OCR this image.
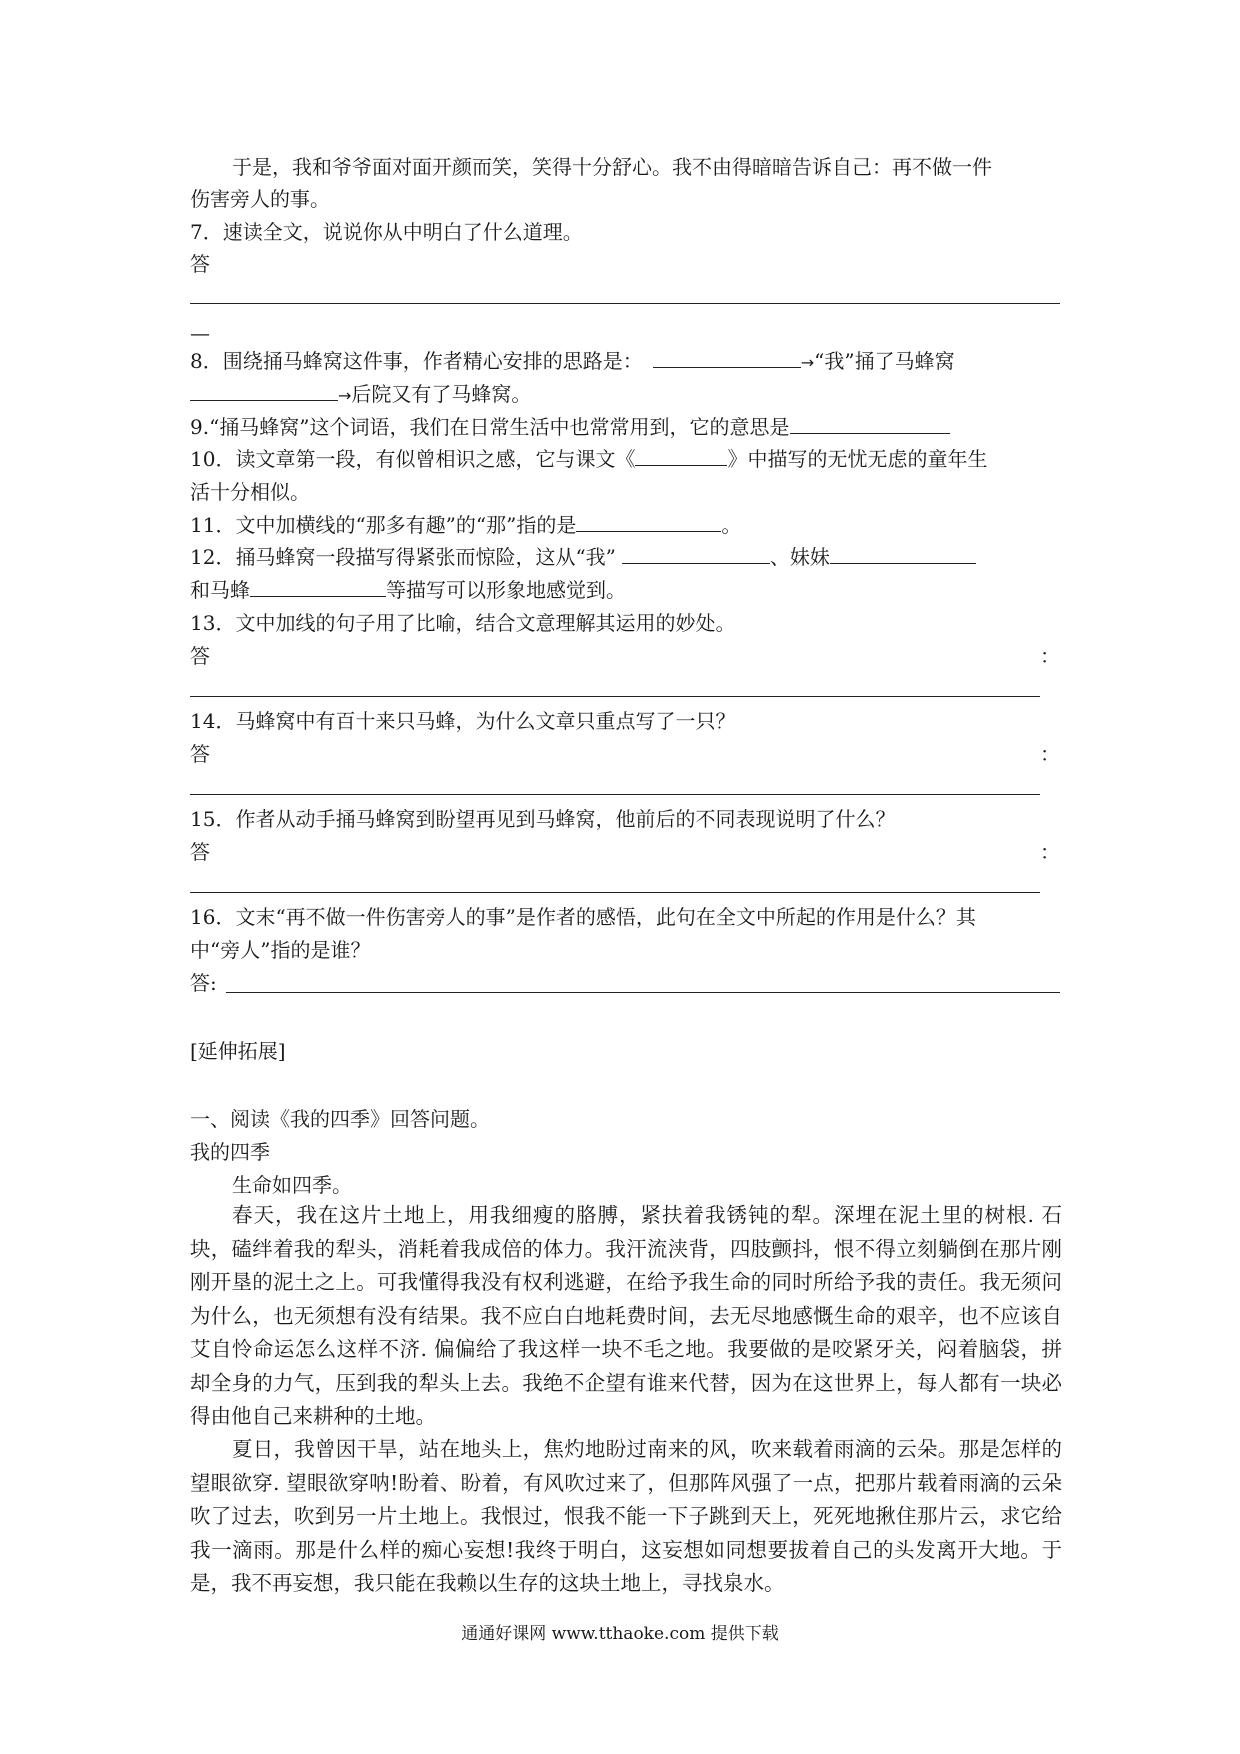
于是，我和爷爷面对面开颜而笑，笑得十分舒心。我不由得暗暗告诉自己：再不做一件
伤害旁人的事。
7．速读全文，说说你从中明白了什么道理。
答
—
8．围绕捅马蜂窝这件事，作者精心安排的思路是：	→“我”捅了马蜂窝
→后院又有了马蜂窝。
9.“捅马蜂窝”这个词语，我们在日常生活中也常常用到，它的意思是
10．读文章第一段，有似曾相识之感，它与课文《	》中描写的无忧无虑的童年生
活十分相似。
11．文中加横线的“那多有趣”的“那”指的是	。
12．捅马蜂窝一段描写得紧张而惊险，这从“我”	、妹妹
和马蜂	等描写可以形象地感觉到。
13．文中加线的句子用了比喻，结合文意理解其运用的妙处。
答	：
14．马蜂窝中有百十来只马蜂，为什么文章只重点写了一只？
答	：
15．作者从动手捅马蜂窝到盼望再见到马蜂窝，他前后的不同表现说明了什么？
答	：
16．文末“再不做一件伤害旁人的事”是作者的感悟，此句在全文中所起的作用是什么？其
中“旁人”指的是谁？
答:
[延伸拓展]
一、阅读《我的四季》回答问题。
我的四季
生命如四季。
春天，我在这片土地上，用我细瘦的胳膊，紧扶着我锈钝的犁。深埋在泥土里的树根. 石块，磕绊着我的犁头，消耗着我成倍的体力。我汗流浃背，四肢颤抖，恨不得立刻躺倒在那片刚刚开垦的泥土之上。可我懂得我没有权利逃避，在给予我生命的同时所给予我的责任。我无须问为什么，也无须想有没有结果。我不应白白地耗费时间，去无尽地感慨生命的艰辛，也不应该自艾自怜命运怎么这样不济. 偏偏给了我这样一块不毛之地。我要做的是咬紧牙关，闷着脑袋，拼却全身的力气，压到我的犁头上去。我绝不企望有谁来代替，因为在这世界上，每人都有一块必得由他自己来耕种的土地。
夏日，我曾因干旱，站在地头上，焦灼地盼过南来的风，吹来载着雨滴的云朵。那是怎样的望眼欲穿. 望眼欲穿呐!盼着、盼着，有风吹过来了，但那阵风强了一点，把那片载着雨滴的云朵吹了过去，吹到另一片土地上。我恨过，恨我不能一下子跳到天上，死死地揪住那片云，求它给我一滴雨。那是什么样的痴心妄想!我终于明白，这妄想如同想要拔着自己的头发离开大地。于是，我不再妄想，我只能在我赖以生存的这块土地上，寻找泉水。
通通好课网 www.tthaoke.com 提供下载
